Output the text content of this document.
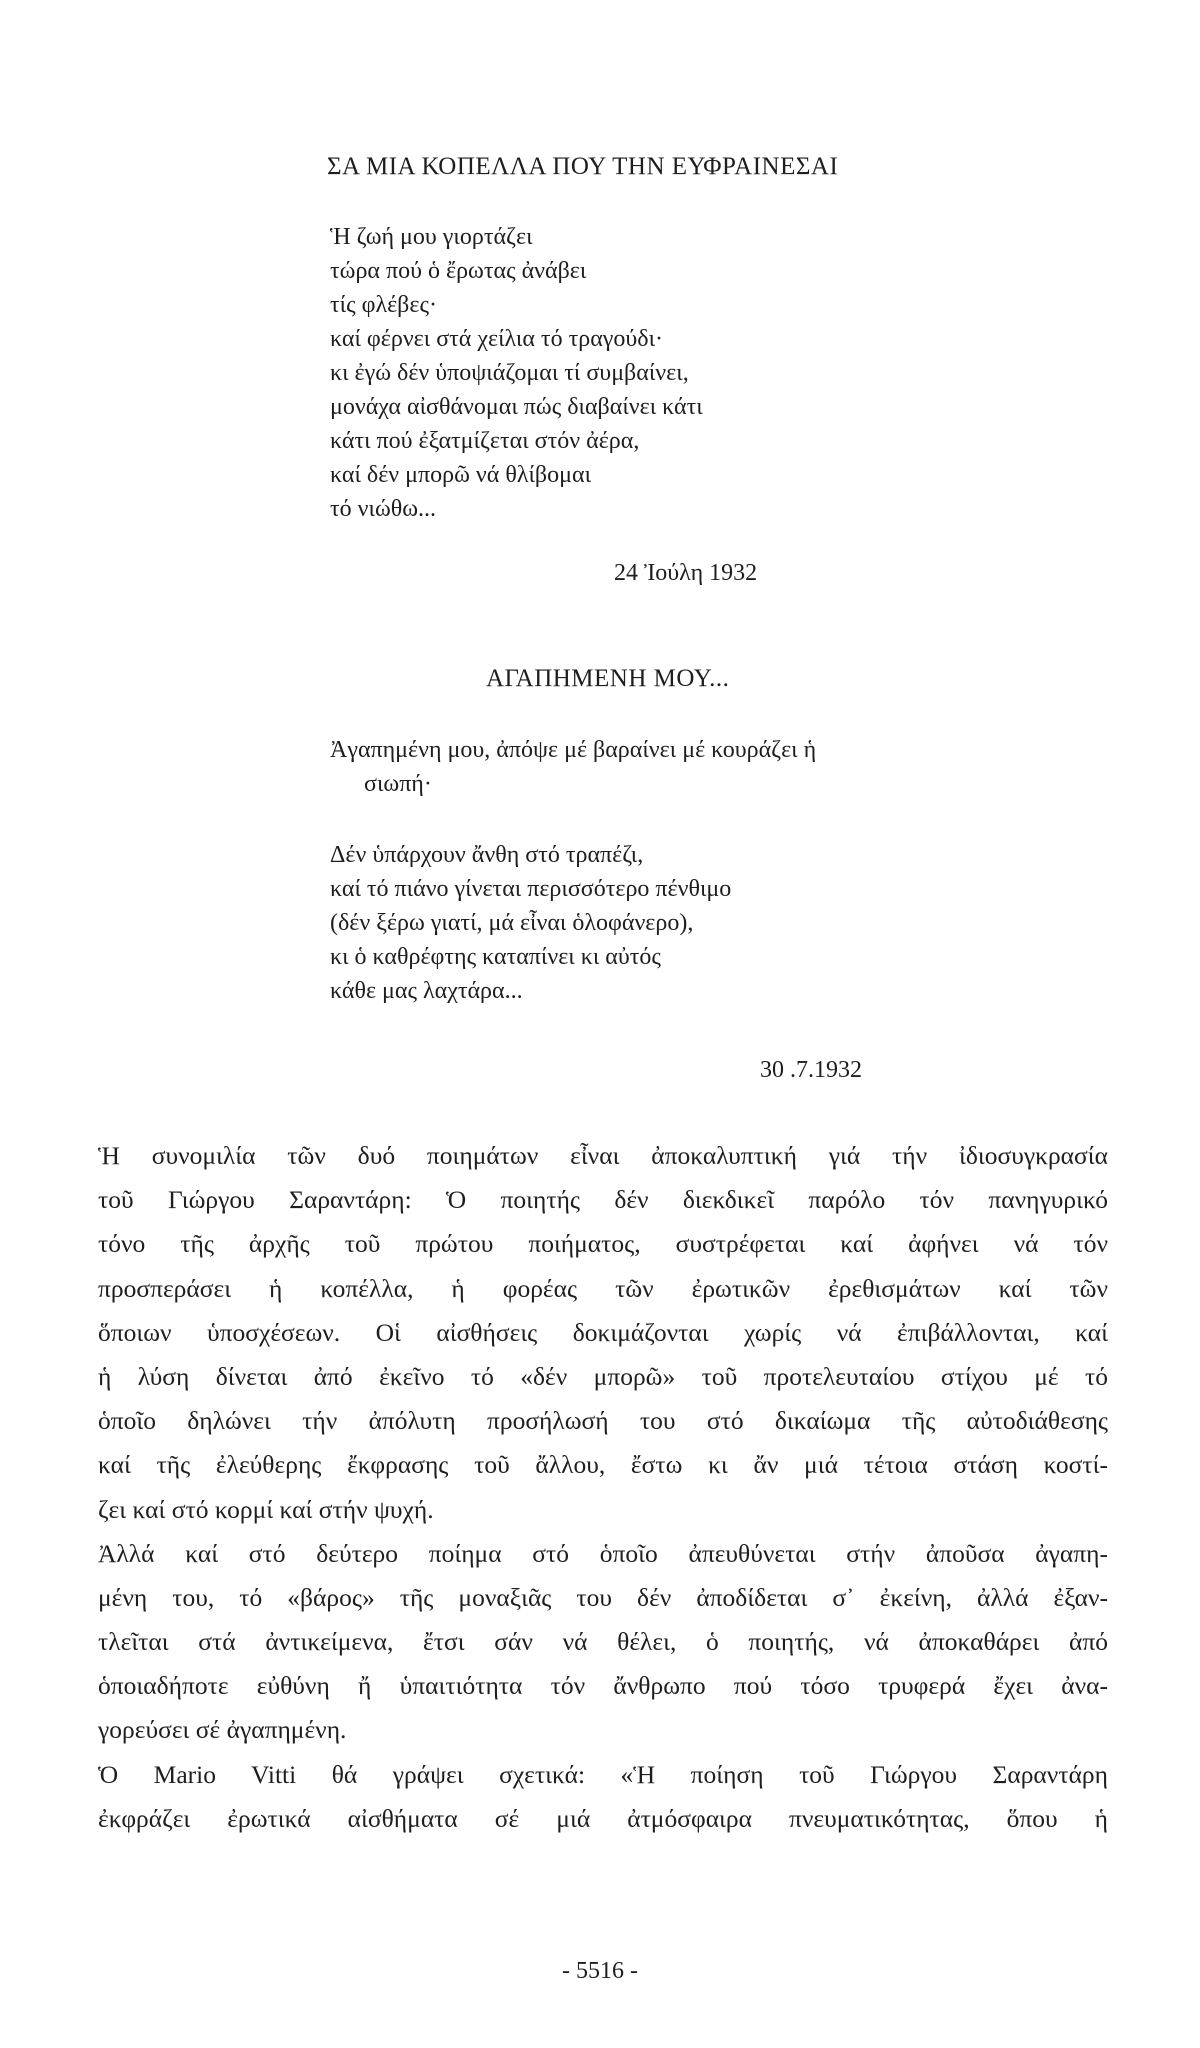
ΣΑ ΜΙΑ ΚΟΠΕΛΛΑ ΠΟΥ ΤΗΝ ΕΥΦΡΑΙΝΕΣΑΙ
Ἡ ζωή μου γιορτάζει
τώρα πού ὁ ἔρωτας ἀνάβει
τίς φλέβες·
καί φέρνει στά χείλια τό τραγούδι·
κι ἐγώ δέν ὑποψιάζομαι τί συμβαίνει,
μονάχα αἰσθάνομαι πώς διαβαίνει κάτι
κάτι πού ἐξατμίζεται στόν ἀέρα,
καί δέν μπορῶ νά θλίβομαι
τό νιώθω...
24 Ἰούλη 1932
ΑΓΑΠΗΜΕΝΗ ΜΟΥ...
Ἀγαπημένη μου, ἀπόψε μέ βαραίνει μέ κουράζει ἡ
σιωπή·
Δέν ὑπάρχουν ἄνθη στό τραπέζι,
καί τό πιάνο γίνεται περισσότερο πένθιμο
(δέν ξέρω γιατί, μά εἶναι ὁλοφάνερο),
κι ὁ καθρέφτης καταπίνει κι αὐτός
κάθε μας λαχτάρα...
30 .7.1932
Ἡ συνομιλία τῶν δυό ποιημάτων εἶναι ἀποκαλυπτική γιά τήν ἰδιοσυγκρασία
τοῦ Γιώργου Σαραντάρη: Ὁ ποιητής δέν διεκδικεῖ παρόλο τόν πανηγυρικό
τόνο τῆς ἀρχῆς τοῦ πρώτου ποιήματος, συστρέφεται καί ἀφήνει νά τόν
προσπεράσει ἡ κοπέλλα, ἡ φορέας τῶν ἐρωτικῶν ἐρεθισμάτων καί τῶν
ὅποιων ὑποσχέσεων. Οἱ αἰσθήσεις δοκιμάζονται χωρίς νά ἐπιβάλλονται, καί
ἡ λύση δίνεται ἀπό ἐκεῖνο τό «δέν μπορῶ» τοῦ προτελευταίου στίχου μέ τό
ὁποῖο δηλώνει τήν ἀπόλυτη προσήλωσή του στό δικαίωμα τῆς αὐτοδιάθεσης
καί τῆς ἐλεύθερης ἔκφρασης τοῦ ἄλλου, ἔστω κι ἄν μιά τέτοια στάση κοστί-
ζει καί στό κορμί καί στήν ψυχή.
Ἀλλά καί στό δεύτερο ποίημα στό ὁποῖο ἀπευθύνεται στήν ἀποῦσα ἀγαπη-
μένη του, τό «βάρος» τῆς μοναξιᾶς του δέν ἀποδίδεται σ᾽ ἐκείνη, ἀλλά ἐξαν-
τλεῖται στά ἀντικείμενα, ἔτσι σάν νά θέλει, ὁ ποιητής, νά ἀποκαθάρει ἀπό
ὁποιαδήποτε εὐθύνη ἤ ὑπαιτιότητα τόν ἄνθρωπο πού τόσο τρυφερά ἔχει ἀνα-
γορεύσει σέ ἀγαπημένη.
Ὁ Mario Vitti θά γράψει σχετικά: «Ἡ ποίηση τοῦ Γιώργου Σαραντάρη
ἐκφράζει ἐρωτικά αἰσθήματα σέ μιά ἀτμόσφαιρα πνευματικότητας, ὅπου ἡ
- 5516 -
